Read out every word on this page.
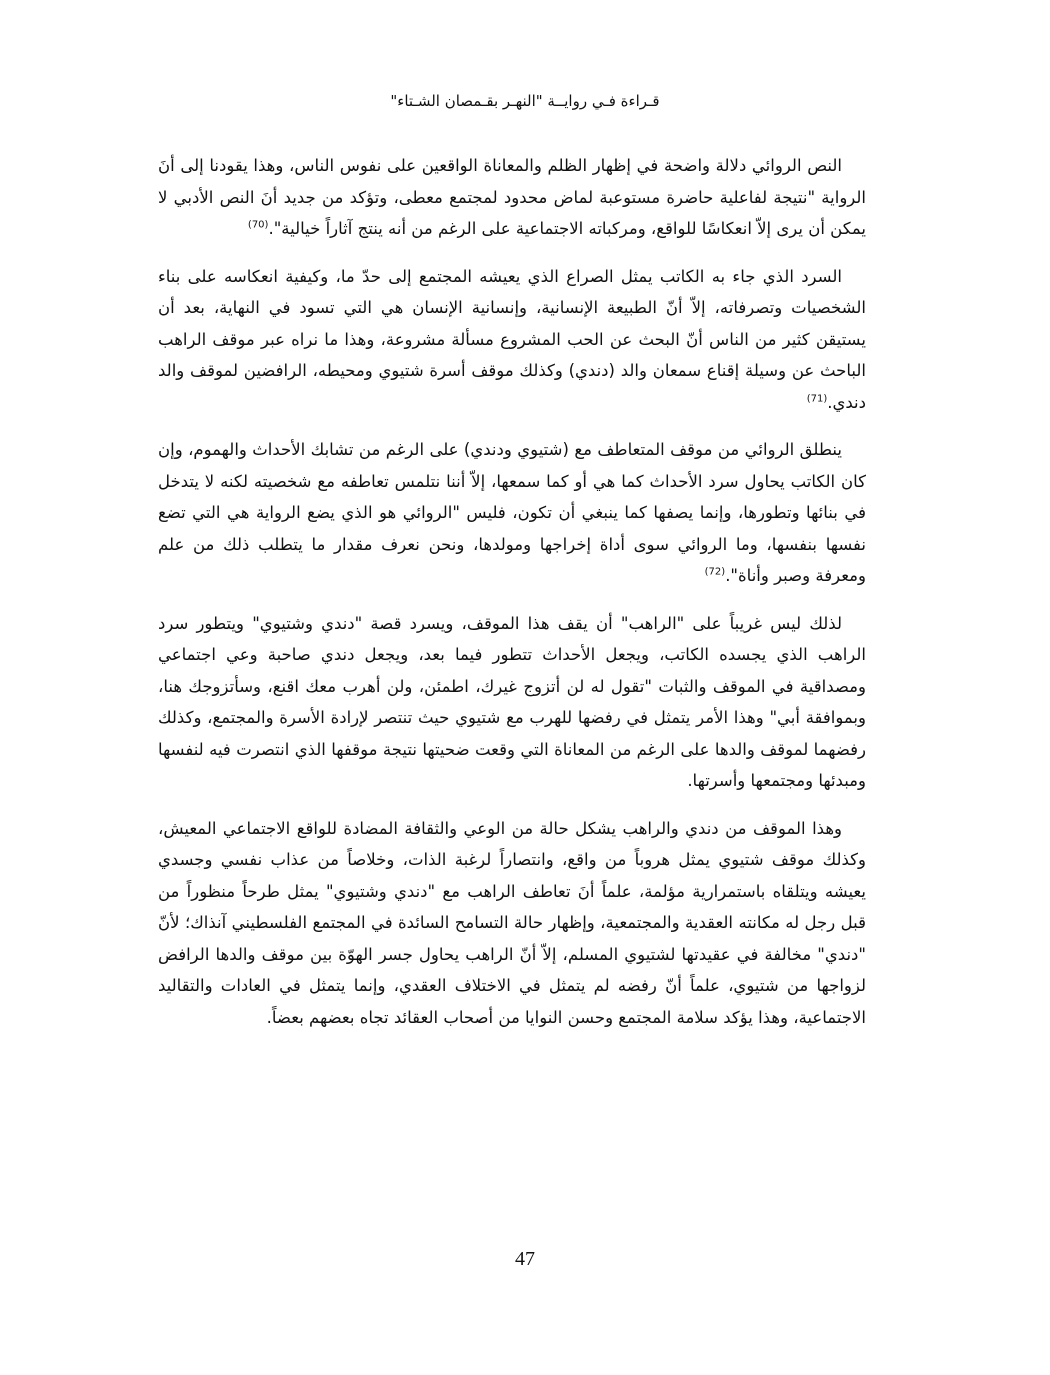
قـراءة فـي روايــة "النهـر بقـمصان الشـتاء"

النص الروائي دلالة واضحة في إظهار الظلم والمعاناة الواقعين على نفوس الناس، وهذا يقودنا إلى أنَ الرواية "نتيجة لفاعلية حاضرة مستوعبة لماض محدود لمجتمع معطى، وتؤكد من جديد أنَ النص الأدبي لا يمكن أن يرى إلاّ انعكاسًا للواقع، ومركباته الاجتماعية على الرغم من أنه ينتج آثاراً خيالية".$^{(70)}$

السرد الذي جاء به الكاتب يمثل الصراع الذي يعيشه المجتمع إلى حدّ ما، وكيفية انعكاسه على بناء الشخصيات وتصرفاته، إلاّ أنّ الطبيعة الإنسانية، وإنسانية الإنسان هي التي تسود في النهاية، بعد أن يستيقن كثير من الناس أنّ البحث عن الحب المشروع مسألة مشروعة، وهذا ما نراه عبر موقف الراهب الباحث عن وسيلة إقناع سمعان والد (دندي) وكذلك موقف أسرة شتيوي ومحيطه، الرافضين لموقف والد دندي.$^{(71)}$

ينطلق الروائي من موقف المتعاطف مع (شتيوي ودندي) على الرغم من تشابك الأحداث والهموم، وإن كان الكاتب يحاول سرد الأحداث كما هي أو كما سمعها، إلاّ أننا نتلمس تعاطفه مع شخصيته لكنه لا يتدخل في بنائها وتطورها، وإنما يصفها كما ينبغي أن تكون، فليس "الروائي هو الذي يضع الرواية هي التي تضع نفسها بنفسها، وما الروائي سوى أداة إخراجها ومولدها، ونحن نعرف مقدار ما يتطلب ذلك من علم ومعرفة وصبر وأناة".$^{(72)}$

لذلك ليس غريباً على "الراهب" أن يقف هذا الموقف، ويسرد قصة "دندي وشتيوي" ويتطور سرد الراهب الذي يجسده الكاتب، ويجعل الأحداث تتطور فيما بعد، ويجعل دندي صاحبة وعي اجتماعي ومصداقية في الموقف والثبات "تقول له لن أتزوج غيرك، اطمئن، ولن أهرب معك اقنع، وسأتزوجك هنا، وبموافقة أبي" وهذا الأمر يتمثل في رفضها للهرب مع شتيوي حيث تنتصر لإرادة الأسرة والمجتمع، وكذلك رفضهما لموقف والدها على الرغم من المعاناة التي وقعت ضحيتها نتيجة موقفها الذي انتصرت فيه لنفسها ومبدئها ومجتمعها وأسرتها.

وهذا الموقف من دندي والراهب يشكل حالة من الوعي والثقافة المضادة للواقع الاجتماعي المعيش، وكذلك موقف شتيوي يمثل هروباً من واقع، وانتصاراً لرغبة الذات، وخلاصاً من عذاب نفسي وجسدي يعيشه ويتلقاه باستمرارية مؤلمة، علماً أنَ تعاطف الراهب مع "دندي وشتيوي" يمثل طرحاً منظوراً من قبل رجل له مكانته العقدية والمجتمعية، وإظهار حالة التسامح السائدة في المجتمع الفلسطيني آنذاك؛ لأنّ "دندي" مخالفة في عقيدتها لشتيوي المسلم، إلاّ أنّ الراهب يحاول جسر الهوّة بين موقف والدها الرافض لزواجها من شتيوي، علماً أنّ رفضه لم يتمثل في الاختلاف العقدي، وإنما يتمثل في العادات والتقاليد الاجتماعية، وهذا يؤكد سلامة المجتمع وحسن النوايا من أصحاب العقائد تجاه بعضهم بعضاً.

47
